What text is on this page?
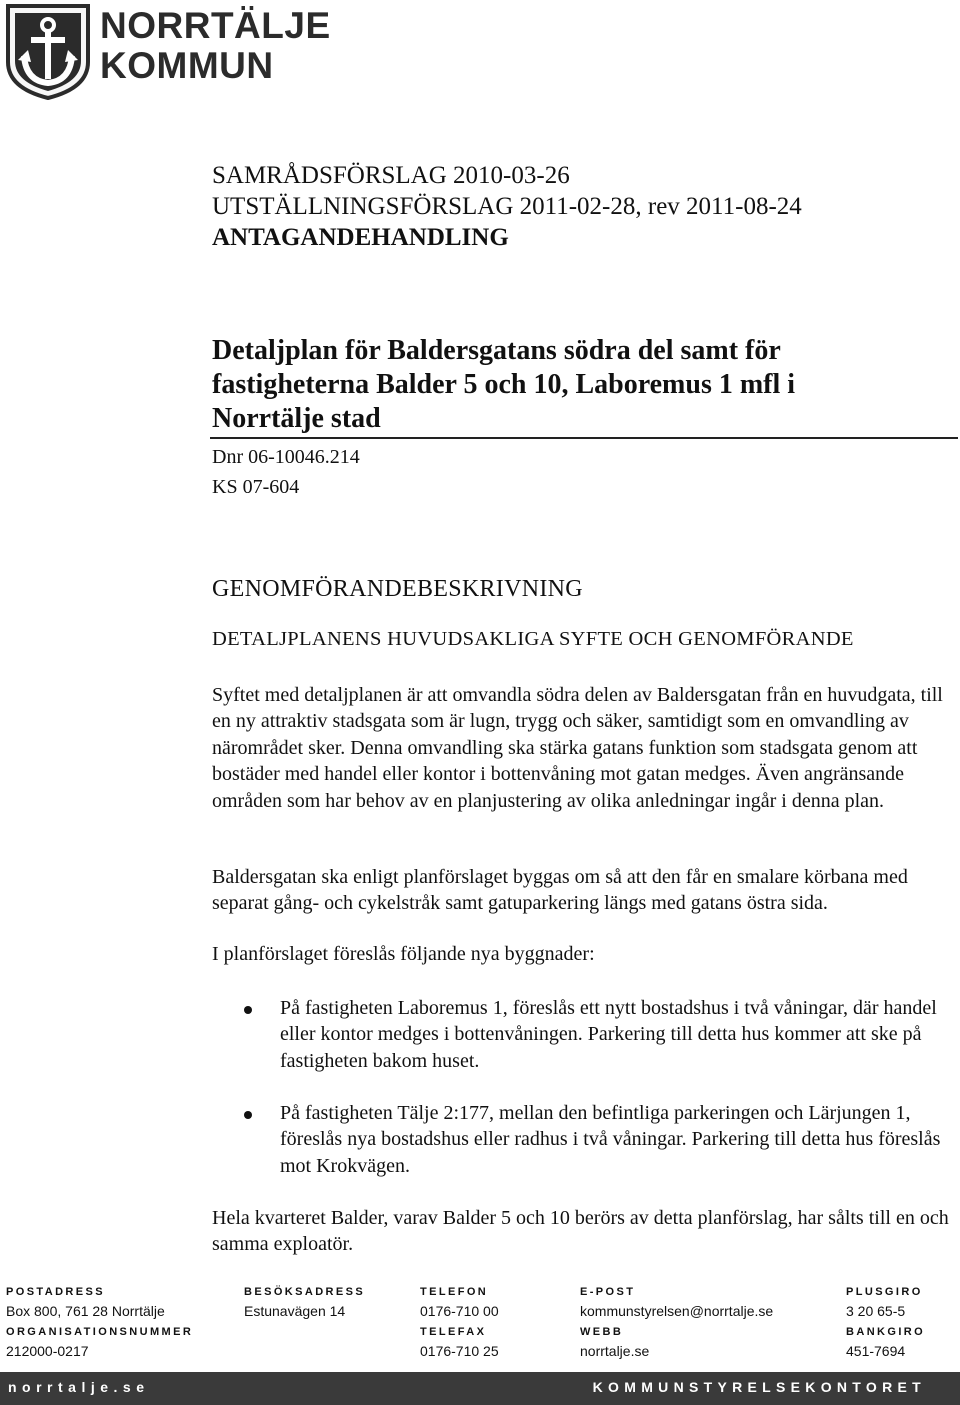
NORRTÄLJE
KOMMUN
SAMRÅDSFÖRSLAG 2010-03-26
UTSTÄLLNINGSFÖRSLAG 2011-02-28, rev 2011-08-24
ANTAGANDEHANDLING
Detaljplan för Baldersgatans södra del samt för fastigheterna Balder 5 och 10, Laboremus 1 mfl i Norrtälje stad
Dnr 06-10046.214
KS 07-604
GENOMFÖRANDEBESKRIVNING
DETALJPLANENS HUVUDSAKLIGA SYFTE OCH GENOMFÖRANDE
Syftet med detaljplanen är att omvandla södra delen av Baldersgatan från en huvudgata, till en ny attraktiv stadsgata som är lugn, trygg och säker, samtidigt som en omvandling av närområdet sker. Denna omvandling ska stärka gatans funktion som stadsgata genom att bostäder med handel eller kontor i bottenvåning mot gatan medges. Även angränsande områden som har behov av en planjustering av olika anledningar ingår i denna plan.
Baldersgatan ska enligt planförslaget byggas om så att den får en smalare körbana med separat gång- och cykelstråk samt gatuparkering längs med gatans östra sida.
I planförslaget föreslås följande nya byggnader:
På fastigheten Laboremus 1, föreslås ett nytt bostadshus i två våningar, där handel eller kontor medges i bottenvåningen. Parkering till detta hus kommer att ske på fastigheten bakom huset.
På fastigheten Tälje 2:177, mellan den befintliga parkeringen och Lärjungen 1, föreslås nya bostadshus eller radhus i två våningar. Parkering till detta hus föreslås mot Krokvägen.
Hela kvarteret Balder, varav Balder 5 och 10 berörs av detta planförslag, har sålts till en och samma exploatör.
POSTADRESS
Box 800, 761 28 Norrtälje
ORGANISATIONSNUMMER
212000-0217
BESÖKSADRESS
Estunavägen 14
TELEFON
0176-710 00
TELEFAX
0176-710 25
E-POST
kommunstyrelsen@norrtalje.se
WEBB
norrtalje.se
PLUSGIRO
3 20 65-5
BANKGIRO
451-7694
norrtalje.se	KOMMUNSTYRELSEKONTORET
